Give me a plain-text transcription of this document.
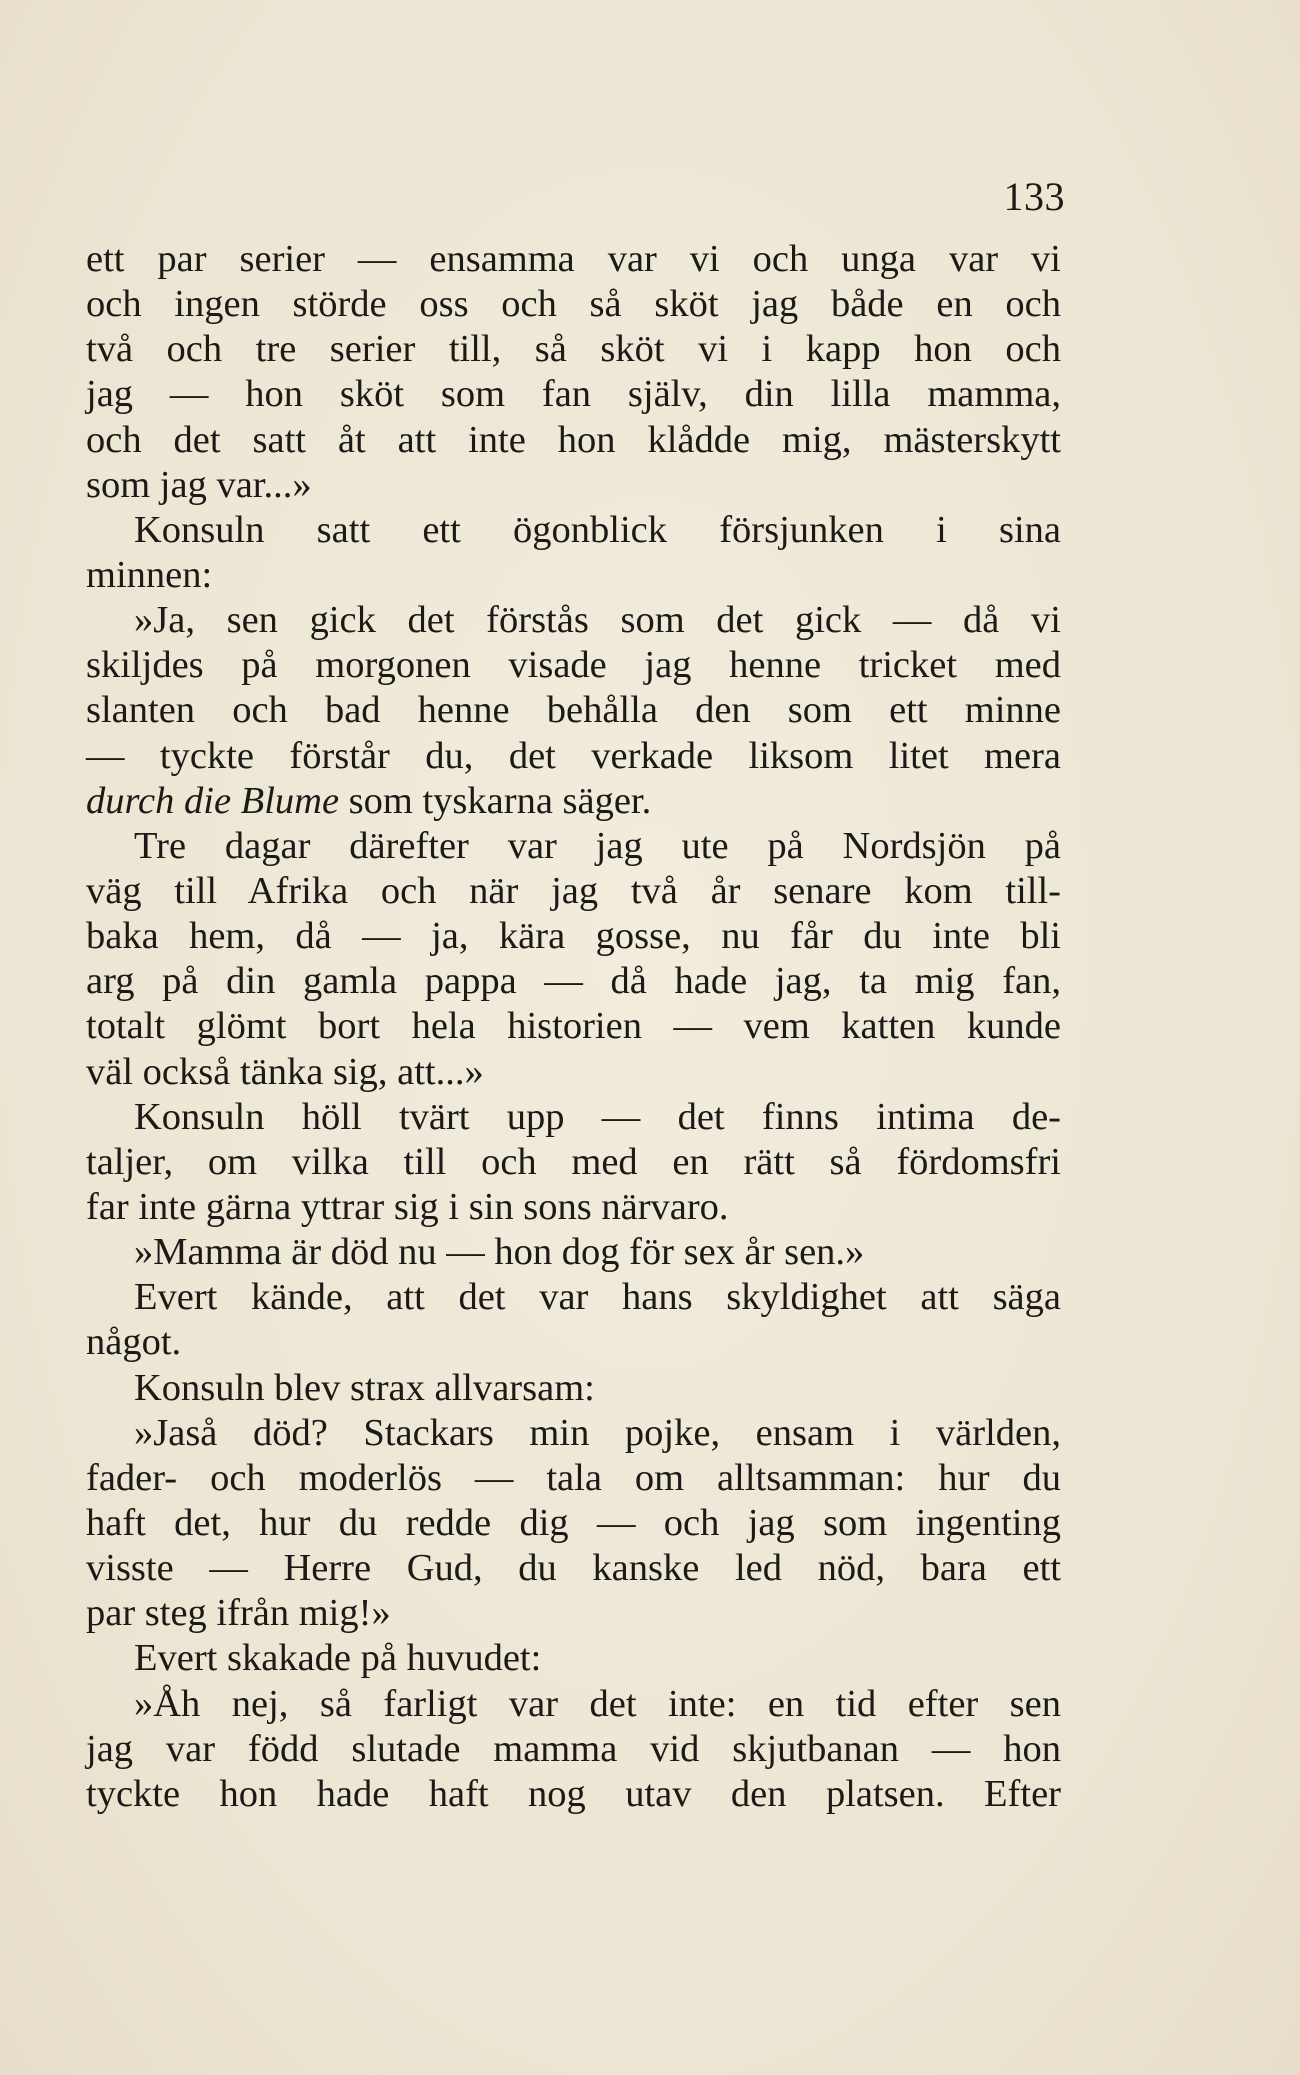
133
ett par serier — ensamma var vi och unga var vi
och ingen störde oss och så sköt jag både en och
två och tre serier till, så sköt vi i kapp hon och
jag — hon sköt som fan själv, din lilla mamma,
och det satt åt att inte hon klådde mig, mästerskytt
som jag var...»
Konsuln satt ett ögonblick försjunken i sina
minnen:
»Ja, sen gick det förstås som det gick — då vi
skiljdes på morgonen visade jag henne tricket med
slanten och bad henne behålla den som ett minne
— tyckte förstår du, det verkade liksom litet mera
durch die Blume som tyskarna säger.
Tre dagar därefter var jag ute på Nordsjön på
väg till Afrika och när jag två år senare kom till-
baka hem, då — ja, kära gosse, nu får du inte bli
arg på din gamla pappa — då hade jag, ta mig fan,
totalt glömt bort hela historien — vem katten kunde
väl också tänka sig, att...»
Konsuln höll tvärt upp — det finns intima de-
taljer, om vilka till och med en rätt så fördomsfri
far inte gärna yttrar sig i sin sons närvaro.
»Mamma är död nu — hon dog för sex år sen.»
Evert kände, att det var hans skyldighet att säga
något.
Konsuln blev strax allvarsam:
»Jaså död? Stackars min pojke, ensam i världen,
fader- och moderlös — tala om alltsamman: hur du
haft det, hur du redde dig — och jag som ingenting
visste — Herre Gud, du kanske led nöd, bara ett
par steg ifrån mig!»
Evert skakade på huvudet:
»Åh nej, så farligt var det inte: en tid efter sen
jag var född slutade mamma vid skjutbanan — hon
tyckte hon hade haft nog utav den platsen. Efter
